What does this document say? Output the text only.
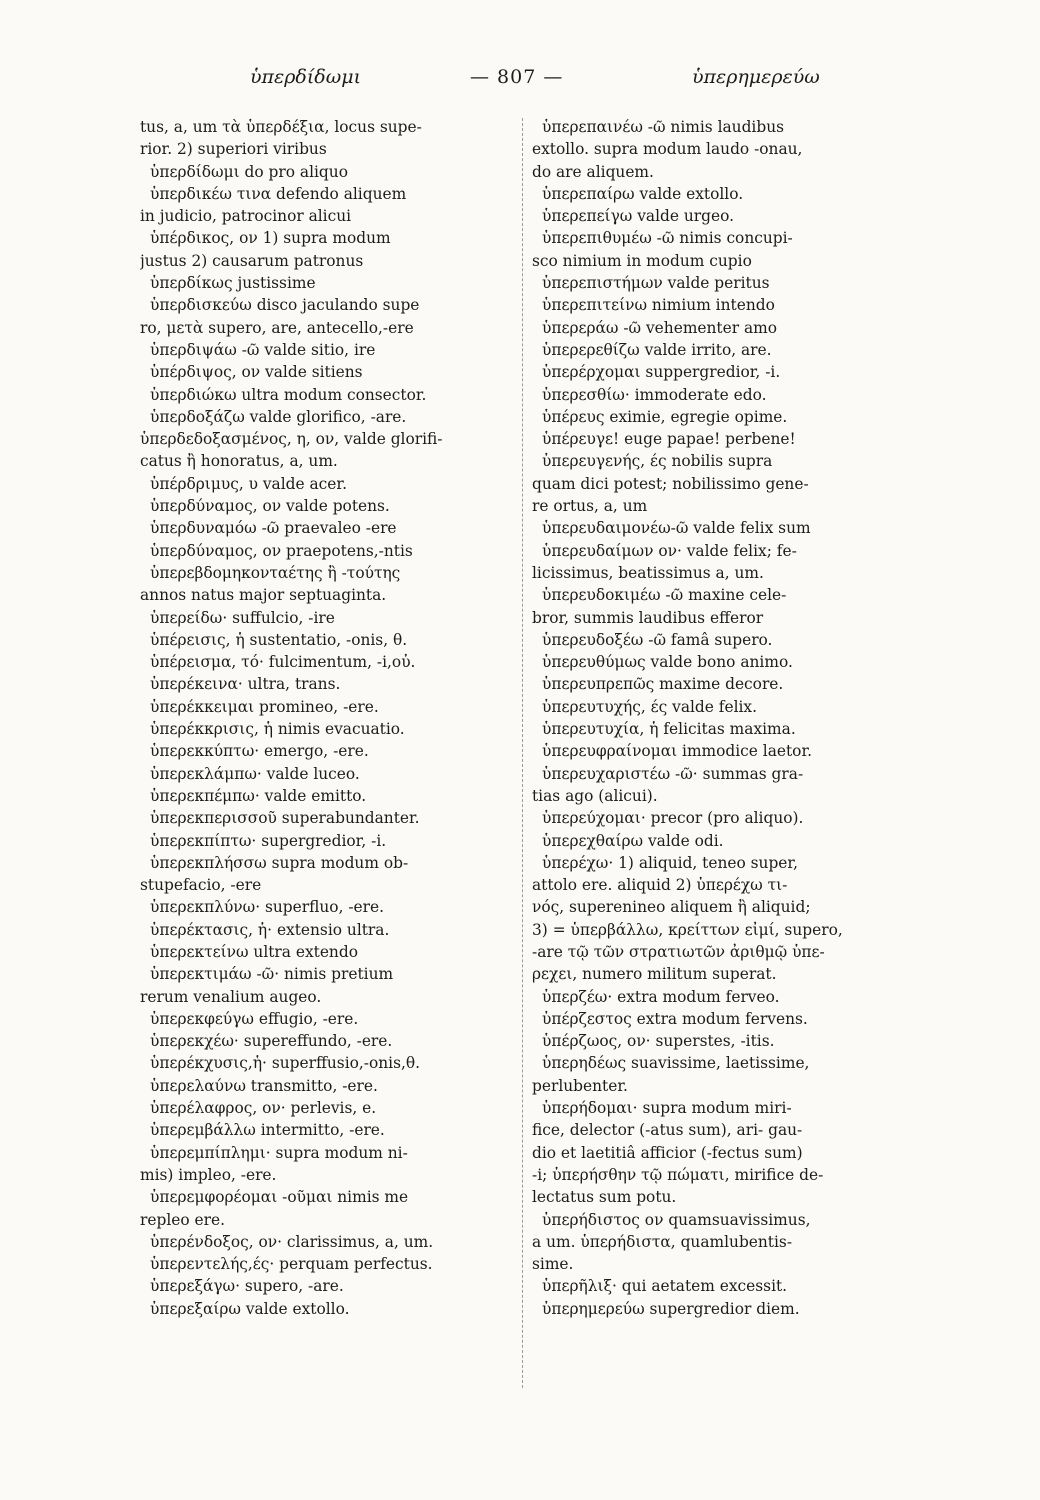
ὑπερδίδωμι	— 807 —	ὑπερημερεύω
tus, a, um τὰ ὑπερδέξια, locus supe-
rior. 2) superiori viribus
ὑπερδίδωμι do pro aliquo
ὑπερδικέω τινα defendo aliquem
in judicio, patrocinor alicui
ὑπέρδικος, ον 1) supra modum
justus 2) causarum patronus
ὑπερδίκως justissime
ὑπερδισκεύω disco jaculando supe
ro, μετὰ supero, are, antecello,-ere
ὑπερδιψάω -ῶ valde sitio, ire
ὑπέρδιψος, ον valde sitiens
ὑπερδιώκω ultra modum consector.
ὑπερδοξάζω valde glorifico, -are.
ὑπερδεδοξασμένος, η, ον, valde glorifi-
catus ἢ honoratus, a, um.
ὑπέρδριμυς, υ valde acer.
ὑπερδύναμος, ον valde potens.
ὑπερδυναμόω -ῶ praevaleo -ere
ὑπερδύναμος, ον praepotens,-ntis
ὑπερεβδομηκονταέτης ἢ -τούτης
annos natus major septuaginta.
ὑπερείδω· suffulcio, -ire
ὑπέρεισις, ἡ sustentatio, -onis, θ.
ὑπέρεισμα, τό· fulcimentum, -i,οὐ.
ὑπερέκεινα· ultra, trans.
ὑπερέκκειμαι promineo, -ere.
ὑπερέκκρισις, ἡ nimis evacuatio.
ὑπερεκκύπτω· emergo, -ere.
ὑπερεκλάμπω· valde luceo.
ὑπερεκπέμπω· valde emitto.
ὑπερεκπερισσοῦ superabundanter.
ὑπερεκπίπτω· supergredior, -i.
ὑπερεκπλήσσω supra modum ob-
stupefacio, -ere
ὑπερεκπλύνω· superfluo, -ere.
ὑπερέκτασις, ἡ· extensio ultra.
ὑπερεκτείνω ultra extendo
ὑπερεκτιμάω -ῶ· nimis pretium
rerum venalium augeo.
ὑπερεκφεύγω effugio, -ere.
ὑπερεκχέω· supereffundo, -ere.
ὑπερέκχυσις,ἡ· superffusio,-onis,θ.
ὑπερελαύνω transmitto, -ere.
ὑπερέλαφρος, ον· perlevis, e.
ὑπερεμβάλλω intermitto, -ere.
ὑπερεμπίπλημι· supra modum ni-
mis) impleo, -ere.
ὑπερεμφορέομαι -οῦμαι nimis me
repleo ere.
ὑπερένδοξος, ον· clarissimus, a, um.
ὑπερεντελής,ές· perquam perfectus.
ὑπερεξάγω· supero, -are.
ὑπερεξαίρω valde extollo.
ὑπερεπαινέω -ῶ nimis laudibus
extollo. supra modum laudo -onau,
do are aliquem.
ὑπερεπαίρω valde extollo.
ὑπερεπείγω valde urgeo.
ὑπερεπιθυμέω -ῶ nimis concupi-
sco nimium in modum cupio
ὑπερεπιστήμων valde peritus
ὑπερεπιτείνω nimium intendo
ὑπερεράω -ῶ vehementer amo
ὑπερερεθίζω valde irrito, are.
ὑπερέρχομαι suppergredior, -i.
ὑπερεσθίω· immoderate edo.
ὑπέρευς eximie, egregie opime.
ὑπέρευγε! euge papae! perbene!
ὑπερευγενής, ές nobilis supra
quam dici potest; nobilissimo gene-
re ortus, a, um
ὑπερευδαιμονέω-ῶ valde felix sum
ὑπερευδαίμων ον· valde felix; fe-
licissimus, beatissimus a, um.
ὑπερευδοκιμέω -ῶ maxine cele-
bror, summis laudibus efferor
ὑπερευδοξέω -ῶ famâ supero.
ὑπερευθύμως valde bono animo.
ὑπερευπρεπῶς maxime decore.
ὑπερευτυχής, ές valde felix.
ὑπερευτυχία, ἡ felicitas maxima.
ὑπερευφραίνομαι immodice laetor.
ὑπερευχαριστέω -ῶ· summas gra-
tias ago (alicui).
ὑπερεύχομαι· precor (pro aliquo).
ὑπερεχθαίρω valde odi.
ὑπερέχω· 1) aliquid, teneo super,
attolo ere. aliquid 2) ὑπερέχω τι-
νός, superenineo aliquem ἢ aliquid;
3) = ὑπερβάλλω, κρείττων εἰμί, supero,
-are τῷ τῶν στρατιωτῶν ἀριθμῷ ὑπε-
ρεχει, numero militum superat.
ὑπερζέω· extra modum ferveo.
ὑπέρζεστος extra modum fervens.
ὑπέρζωος, ον· superstes, -itis.
ὑπερηδέως suavissime, laetissime,
perlubenter.
ὑπερήδομαι· supra modum miri-
fice, delector (-atus sum), ari- gau-
dio et laetitiâ afficior (-fectus sum)
-i; ὑπερήσθην τῷ πώματι, mirifice de-
lectatus sum potu.
ὑπερήδιστος ον quamsuavissimus,
a um. ὑπερήδιστα, quamlubentis-
sime.
ὑπερῆλιξ· qui aetatem excessit.
ὑπερημερεύω supergredior diem.
